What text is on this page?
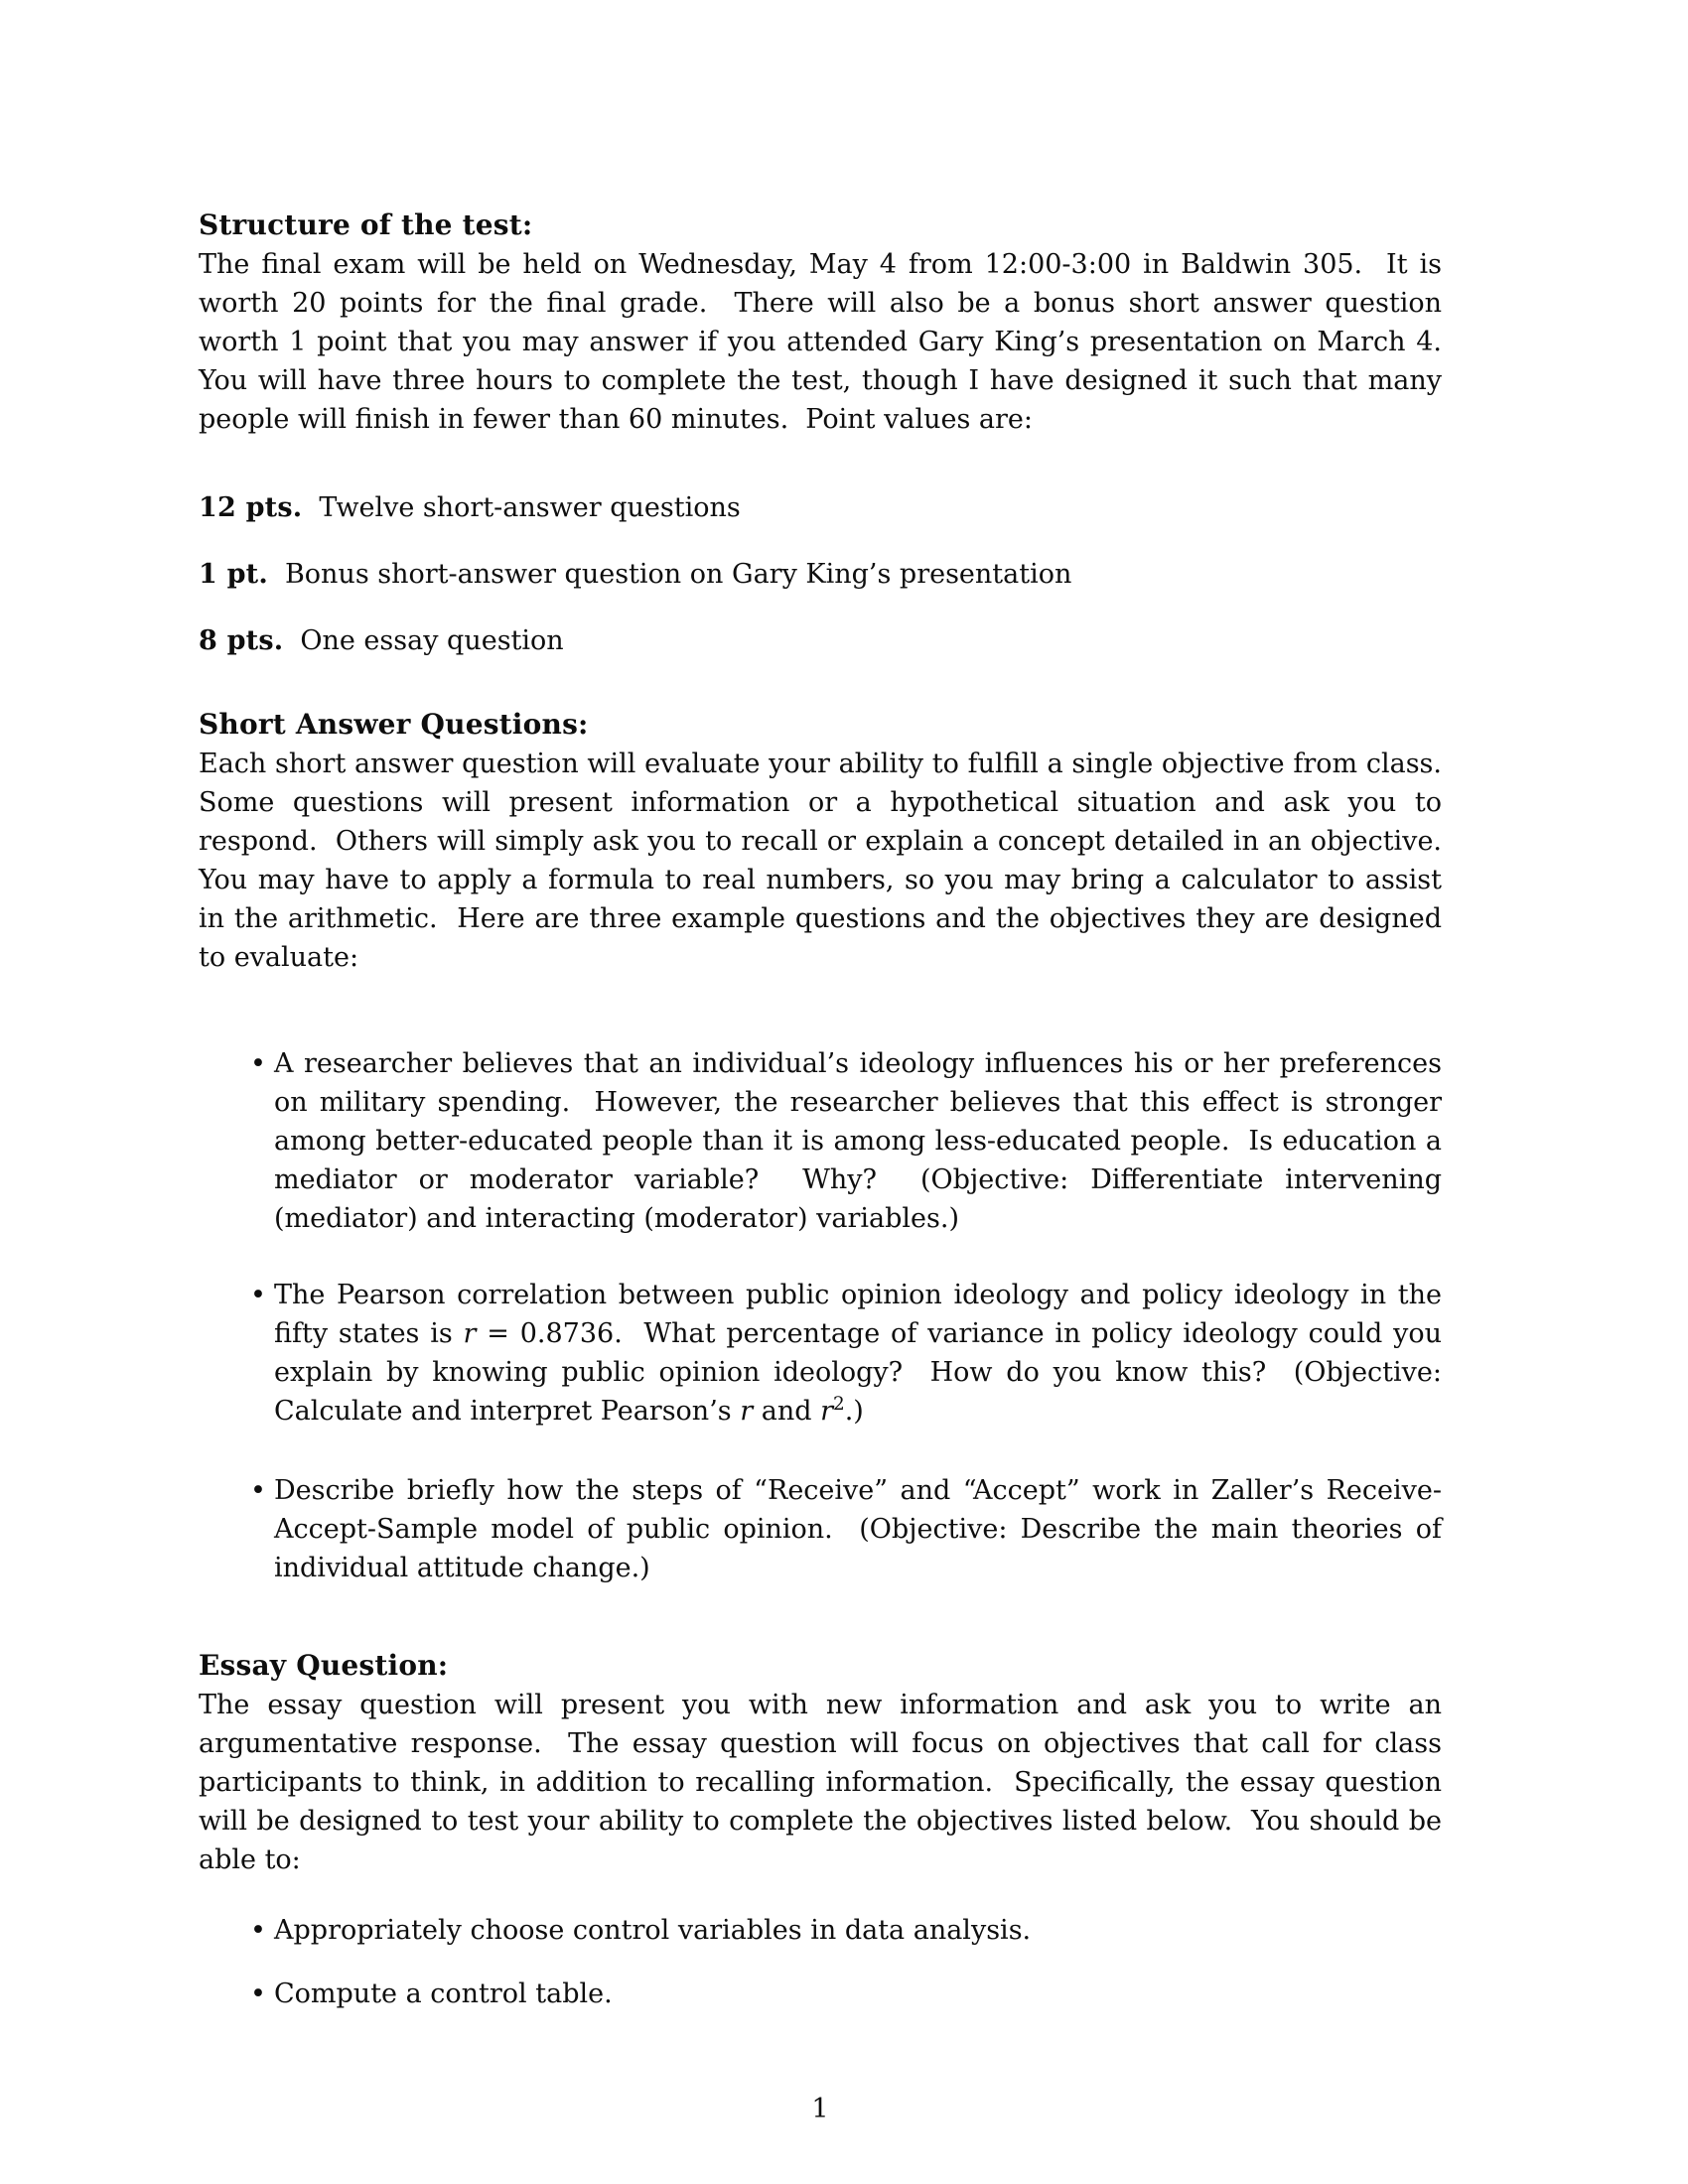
Structure of the test:

The final exam will be held on Wednesday, May 4 from 12:00-3:00 in Baldwin 305.  It is worth 20 points for the final grade.  There will also be a bonus short answer question worth 1 point that you may answer if you attended Gary King’s presentation on March 4.  You will have three hours to complete the test, though I have designed it such that many people will finish in fewer than 60 minutes.  Point values are:

12 pts. Twelve short-answer questions
1 pt. Bonus short-answer question on Gary King’s presentation
8 pts. One essay question
Short Answer Questions:

Each short answer question will evaluate your ability to fulfill a single objective from class.  Some questions will present information or a hypothetical situation and ask you to respond.  Others will simply ask you to recall or explain a concept detailed in an objective.  You may have to apply a formula to real numbers, so you may bring a calculator to assist in the arithmetic.  Here are three example questions and the objectives they are designed to evaluate:

• A researcher believes that an individual’s ideology influences his or her preferences on military spending.  However, the researcher believes that this effect is stronger among better-educated people than it is among less-educated people.  Is education a mediator or moderator variable?  Why?  (Objective: Differentiate intervening (mediator) and interacting (moderator) variables.)
• The Pearson correlation between public opinion ideology and policy ideology in the fifty states is r = 0.8736.  What percentage of variance in policy ideology could you explain by knowing public opinion ideology?  How do you know this?  (Objective: Calculate and interpret Pearson’s r and $r^2$.)
• Describe briefly how the steps of “Receive” and “Accept” work in Zaller’s Receive-Accept-Sample model of public opinion.  (Objective: Describe the main theories of individual attitude change.)
Essay Question:

The essay question will present you with new information and ask you to write an argumentative response.  The essay question will focus on objectives that call for class participants to think, in addition to recalling information.  Specifically, the essay question will be designed to test your ability to complete the objectives listed below.  You should be able to:

• Appropriately choose control variables in data analysis.
• Compute a control table.
1
